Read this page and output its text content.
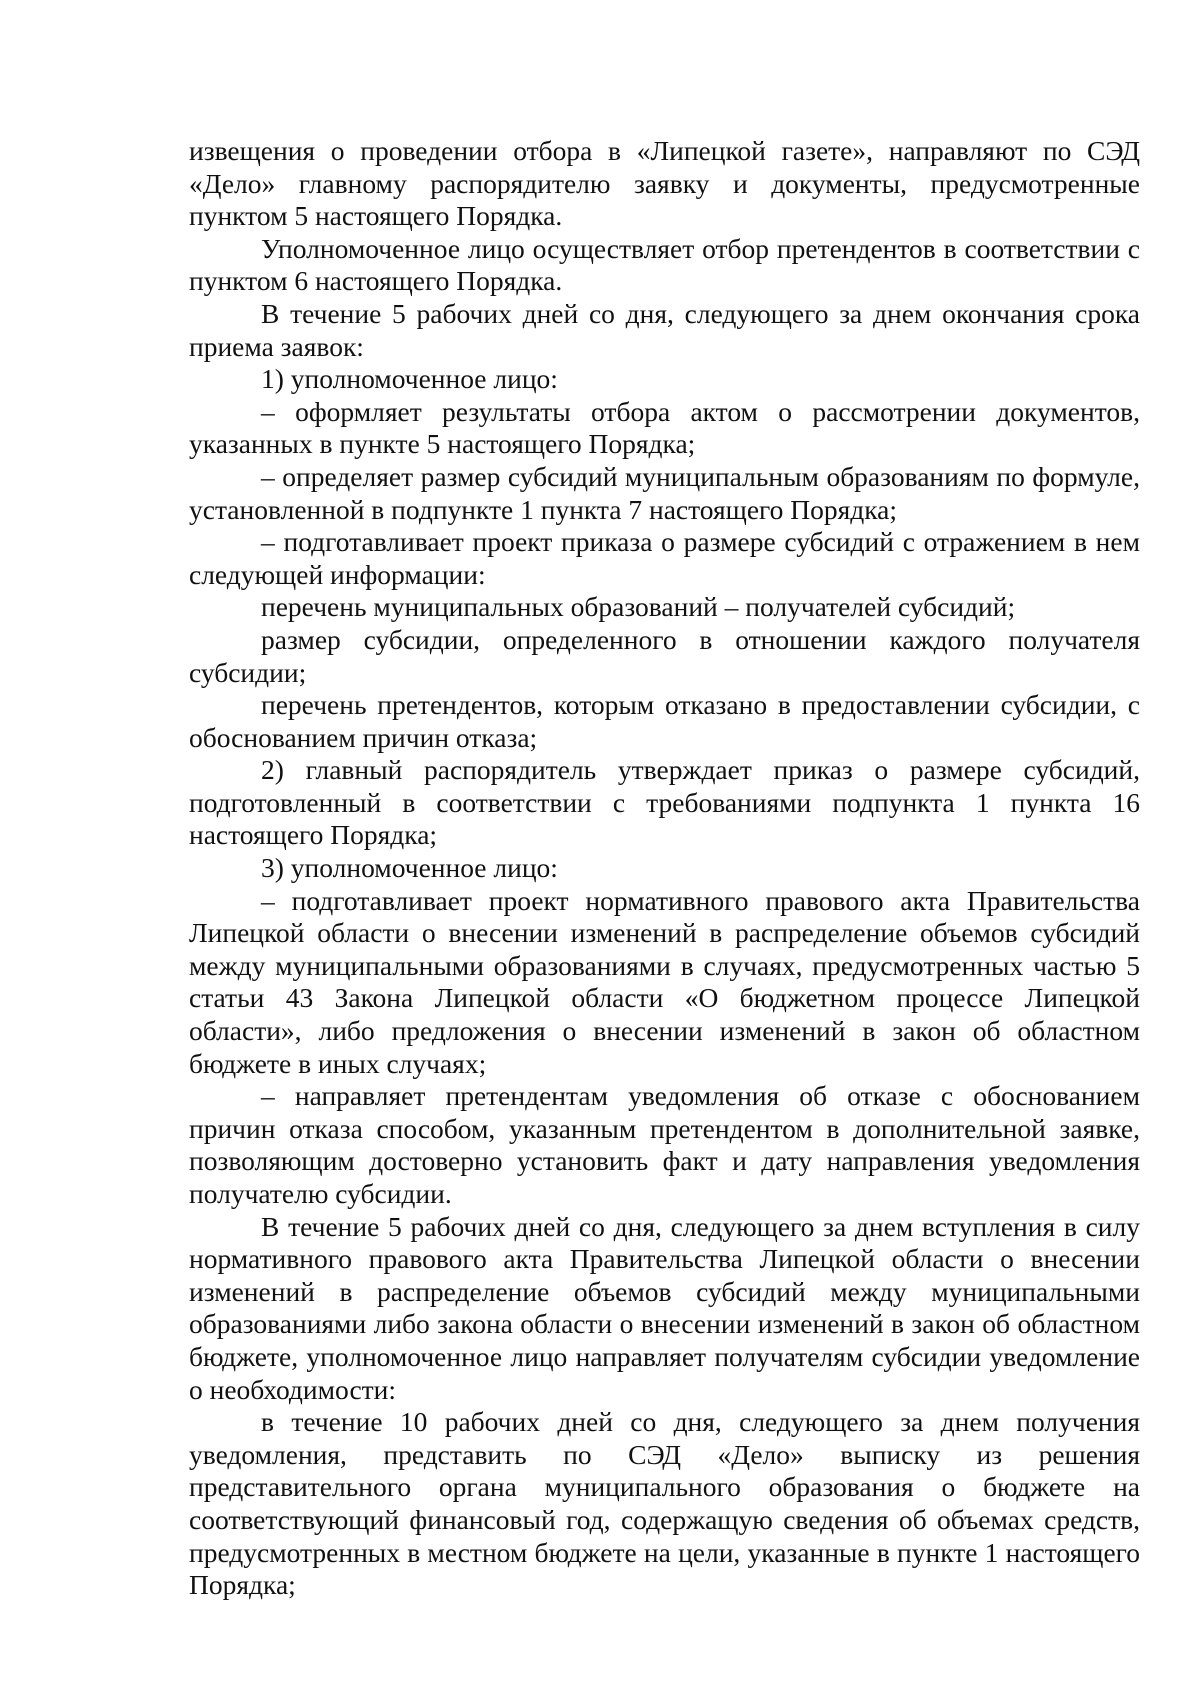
извещения о проведении отбора в «Липецкой газете», направляют по СЭД «Дело» главному распорядителю заявку и документы, предусмотренные пунктом 5 настоящего Порядка.

Уполномоченное лицо осуществляет отбор претендентов в соответствии с пунктом 6 настоящего Порядка.

В течение 5 рабочих дней со дня, следующего за днем окончания срока приема заявок:

1) уполномоченное лицо:

– оформляет результаты отбора актом о рассмотрении документов, указанных в пункте 5 настоящего Порядка;

– определяет размер субсидий муниципальным образованиям по формуле, установленной в подпункте 1 пункта 7 настоящего Порядка;

– подготавливает проект приказа о размере субсидий с отражением в нем следующей информации:

перечень муниципальных образований – получателей субсидий;

размер субсидии, определенного в отношении каждого получателя субсидии;

перечень претендентов, которым отказано в предоставлении субсидии, с обоснованием причин отказа;

2) главный распорядитель утверждает приказ о размере субсидий, подготовленный в соответствии с требованиями подпункта 1 пункта 16 настоящего Порядка;

3) уполномоченное лицо:

– подготавливает проект нормативного правового акта Правительства Липецкой области о внесении изменений в распределение объемов субсидий между муниципальными образованиями в случаях, предусмотренных частью 5 статьи 43 Закона Липецкой области «О бюджетном процессе Липецкой области», либо предложения о внесении изменений в закон об областном бюджете в иных случаях;

– направляет претендентам уведомления об отказе с обоснованием причин отказа способом, указанным претендентом в дополнительной заявке, позволяющим достоверно установить факт и дату направления уведомления получателю субсидии.

В течение 5 рабочих дней со дня, следующего за днем вступления в силу нормативного правового акта Правительства Липецкой области о внесении изменений в распределение объемов субсидий между муниципальными образованиями либо закона области о внесении изменений в закон об областном бюджете, уполномоченное лицо направляет получателям субсидии уведомление о необходимости:

в течение 10 рабочих дней со дня, следующего за днем получения уведомления, представить по СЭД «Дело» выписку из решения представительного органа муниципального образования о бюджете на соответствующий финансовый год, содержащую сведения об объемах средств, предусмотренных в местном бюджете на цели, указанные в пункте 1 настоящего Порядка;
